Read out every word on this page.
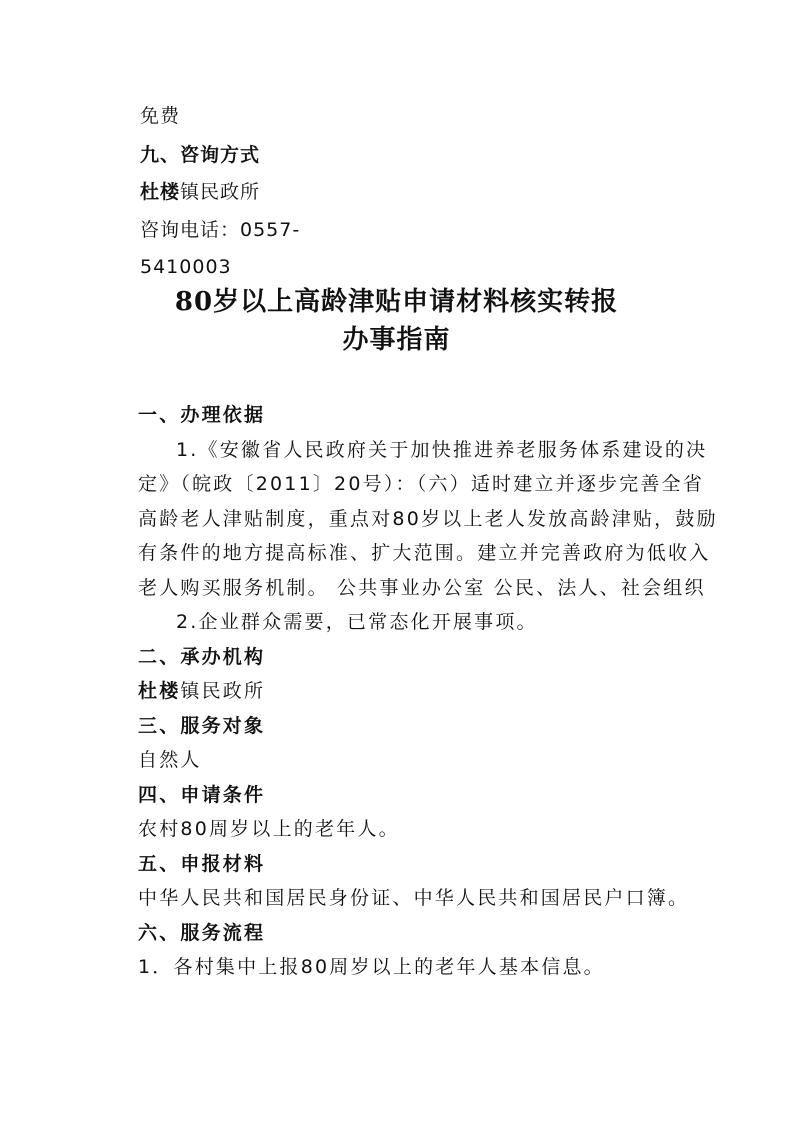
免费
九、咨询方式
杜楼镇民政所
咨询电话：0557-
5410003
80岁以上高龄津贴申请材料核实转报
办事指南

一、办理依据

1.《安徽省人民政府关于加快推进养老服务体系建设的决定》（皖政〔2011〕20号）：（六）适时建立并逐步完善全省高龄老人津贴制度，重点对80岁以上老人发放高龄津贴，鼓励有条件的地方提高标准、扩大范围。建立并完善政府为低收入老人购买服务机制。 公共事业办公室 公民、法人、社会组织

2.企业群众需要，已常态化开展事项。

二、承办机构

杜楼镇民政所

三、服务对象

自然人

四、申请条件

农村80周岁以上的老年人。

五、申报材料

中华人民共和国居民身份证、中华人民共和国居民户口簿。

六、服务流程

1．各村集中上报80周岁以上的老年人基本信息。
